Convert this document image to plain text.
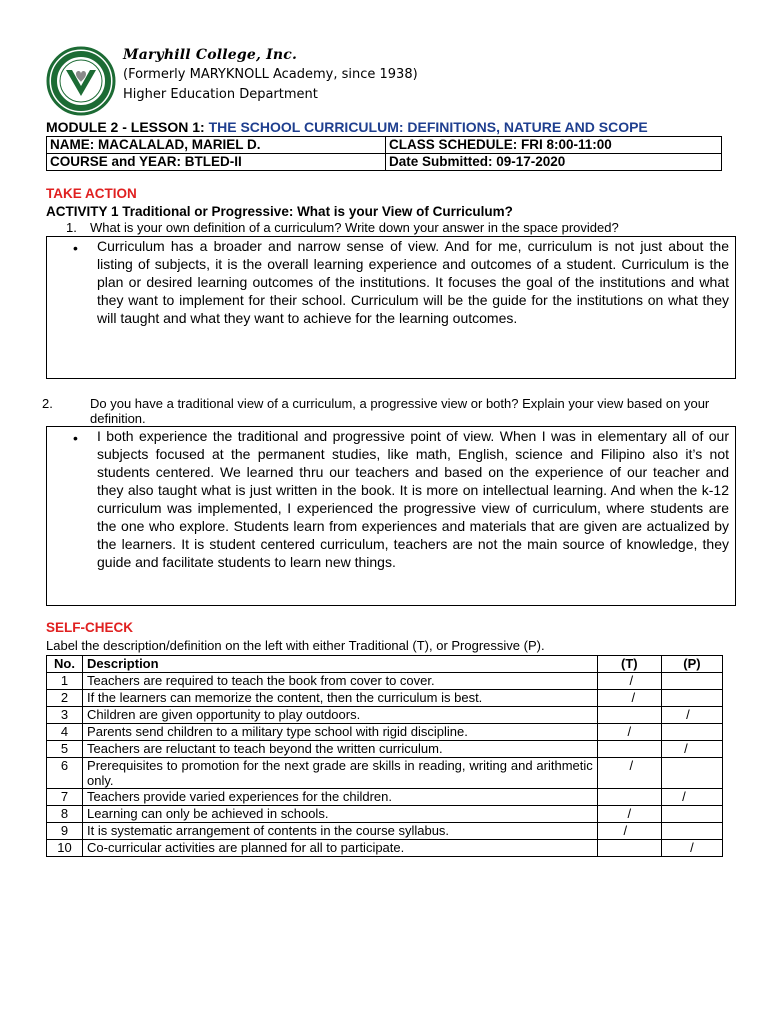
Maryhill College, Inc.
(Formerly MARYKNOLL Academy, since 1938)
Higher Education Department
MODULE 2 - LESSON 1: THE SCHOOL CURRICULUM: DEFINITIONS, NATURE AND SCOPE
NAME: MACALALAD, MARIEL D.	CLASS SCHEDULE: FRI 8:00-11:00
COURSE and YEAR: BTLED-II	Date Submitted: 09-17-2020
TAKE ACTION
ACTIVITY 1 Traditional or Progressive: What is your View of Curriculum?
1. What is your own definition of a curriculum? Write down your answer in the space provided?
• Curriculum has a broader and narrow sense of view. And for me, curriculum is not just about the listing of subjects, it is the overall learning experience and outcomes of a student. Curriculum is the plan or desired learning outcomes of the institutions. It focuses the goal of the institutions and what they want to implement for their school. Curriculum will be the guide for the institutions on what they will taught and what they want to achieve for the learning outcomes.
2.	Do you have a traditional view of a curriculum, a progressive view or both? Explain your view based on your definition.
• I both experience the traditional and progressive point of view. When I was in elementary all of our subjects focused at the permanent studies, like math, English, science and Filipino also it’s not students centered. We learned thru our teachers and based on the experience of our teacher and they also taught what is just written in the book. It is more on intellectual learning. And when the k-12 curriculum was implemented, I experienced the progressive view of curriculum, where students are the one who explore. Students learn from experiences and materials that are given are actualized by the learners. It is student centered curriculum, teachers are not the main source of knowledge, they guide and facilitate students to learn new things.
SELF-CHECK
Label the description/definition on the left with either Traditional (T), or Progressive (P).
No.	Description	(T)	(P)
1	Teachers are required to teach the book from cover to cover.	/	
2	If the learners can memorize the content, then the curriculum is best.	/	
3	Children are given opportunity to play outdoors.		/
4	Parents send children to a military type school with rigid discipline.	/	
5	Teachers are reluctant to teach beyond the written curriculum.		/
6	Prerequisites to promotion for the next grade are skills in reading, writing and arithmetic only.	/	
7	Teachers provide varied experiences for the children.		/
8	Learning can only be achieved in schools.	/	
9	It is systematic arrangement of contents in the course syllabus.	/	
10	Co-curricular activities are planned for all to participate.		/
